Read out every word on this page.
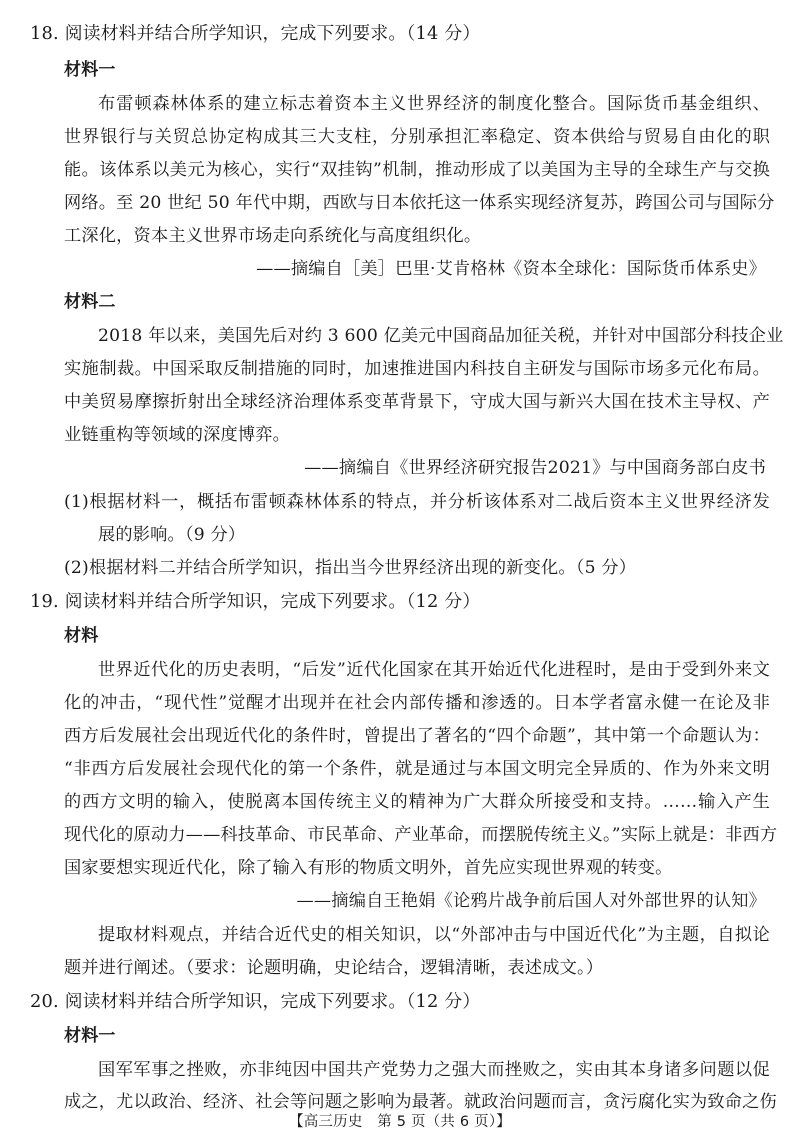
18. 阅读材料并结合所学知识，完成下列要求。（14 分）
材料一
布雷顿森林体系的建立标志着资本主义世界经济的制度化整合。国际货币基金组织、
世界银行与关贸总协定构成其三大支柱，分别承担汇率稳定、资本供给与贸易自由化的职
能。该体系以美元为核心，实行“双挂钩”机制，推动形成了以美国为主导的全球生产与交换
网络。至 20 世纪 50 年代中期，西欧与日本依托这一体系实现经济复苏，跨国公司与国际分
工深化，资本主义世界市场走向系统化与高度组织化。
——摘编自［美］巴里·艾肯格林《资本全球化：国际货币体系史》
材料二
2018 年以来，美国先后对约 3 600 亿美元中国商品加征关税，并针对中国部分科技企业
实施制裁。中国采取反制措施的同时，加速推进国内科技自主研发与国际市场多元化布局。
中美贸易摩擦折射出全球经济治理体系变革背景下，守成大国与新兴大国在技术主导权、产
业链重构等领域的深度博弈。
——摘编自《世界经济研究报告2021》与中国商务部白皮书
(1)根据材料一，概括布雷顿森林体系的特点，并分析该体系对二战后资本主义世界经济发
展的影响。（9 分）
(2)根据材料二并结合所学知识，指出当今世界经济出现的新变化。（5 分）
19. 阅读材料并结合所学知识，完成下列要求。（12 分）
材料
世界近代化的历史表明，“后发”近代化国家在其开始近代化进程时，是由于受到外来文
化的冲击，“现代性”觉醒才出现并在社会内部传播和渗透的。日本学者富永健一在论及非
西方后发展社会出现近代化的条件时，曾提出了著名的“四个命题”，其中第一个命题认为：
“非西方后发展社会现代化的第一个条件，就是通过与本国文明完全异质的、作为外来文明
的西方文明的输入，使脱离本国传统主义的精神为广大群众所接受和支持。……输入产生
现代化的原动力——科技革命、市民革命、产业革命，而摆脱传统主义。”实际上就是：非西方
国家要想实现近代化，除了输入有形的物质文明外，首先应实现世界观的转变。
——摘编自王艳娟《论鸦片战争前后国人对外部世界的认知》
提取材料观点，并结合近代史的相关知识，以“外部冲击与中国近代化”为主题，自拟论
题并进行阐述。（要求：论题明确，史论结合，逻辑清晰，表述成文。）
20. 阅读材料并结合所学知识，完成下列要求。（12 分）
材料一
国军军事之挫败，亦非纯因中国共产党势力之强大而挫败之，实由其本身诸多问题以促
成之，尤以政治、经济、社会等问题之影响为最著。就政治问题而言，贪污腐化实为致命之伤
【高三历史　第 5 页（共 6 页）】
